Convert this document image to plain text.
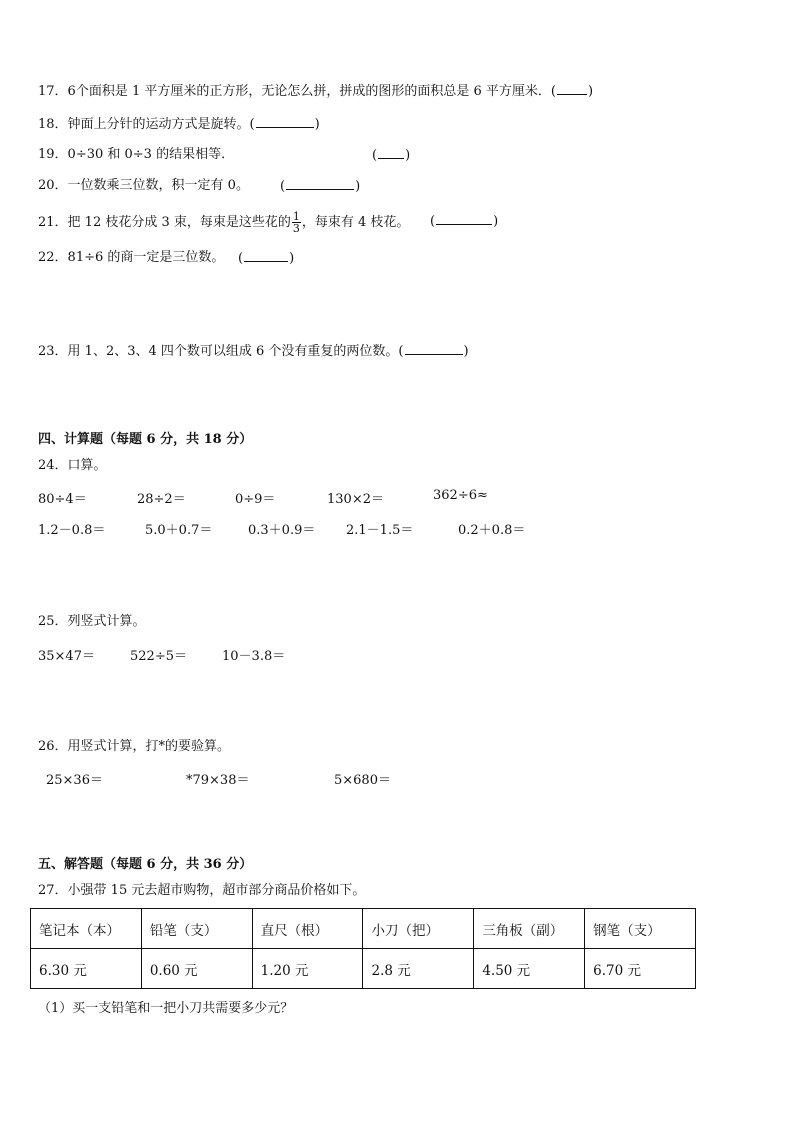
17．6个面积是 1 平方厘米的正方形，无论怎么拼，拼成的图形的面积总是 6 平方厘米．( )
18．钟面上分针的运动方式是旋转。(	)
19．0÷30 和 0÷3 的结果相等．	( )
20．一位数乘三位数，积一定有 0。 (	)
21．把 12 枝花分成 3 束，每束是这些花的 $\frac{1}{3}$ ，每束有 4 枝花。 (	)
22．81÷6 的商一定是三位数。 (	)
23．用 1、2、3、4 四个数可以组成 6 个没有重复的两位数。(	)
四、计算题（每题 6 分，共 18 分）
24．口算。
80÷4＝	28÷2＝	0÷9＝	130×2＝	362÷6≈
1.2－0.8＝	5.0＋0.7＝	0.3＋0.9＝ 2.1－1.5＝	0.2＋0.8＝
25．列竖式计算。
35×47＝	522÷5＝	10－3.8＝
26．用竖式计算，打*的要验算。
25×36＝	*79×38＝	5×680＝
五、解答题（每题 6 分，共 36 分）
27．小强带 15 元去超市购物，超市部分商品价格如下。
笔记本（本）	铅笔（支）	直尺（根）	小刀（把）	三角板（副）	钢笔（支）
6.30 元	0.60 元	1.20 元	2.8 元	4.50 元	6.70 元
（1）买一支铅笔和一把小刀共需要多少元？
